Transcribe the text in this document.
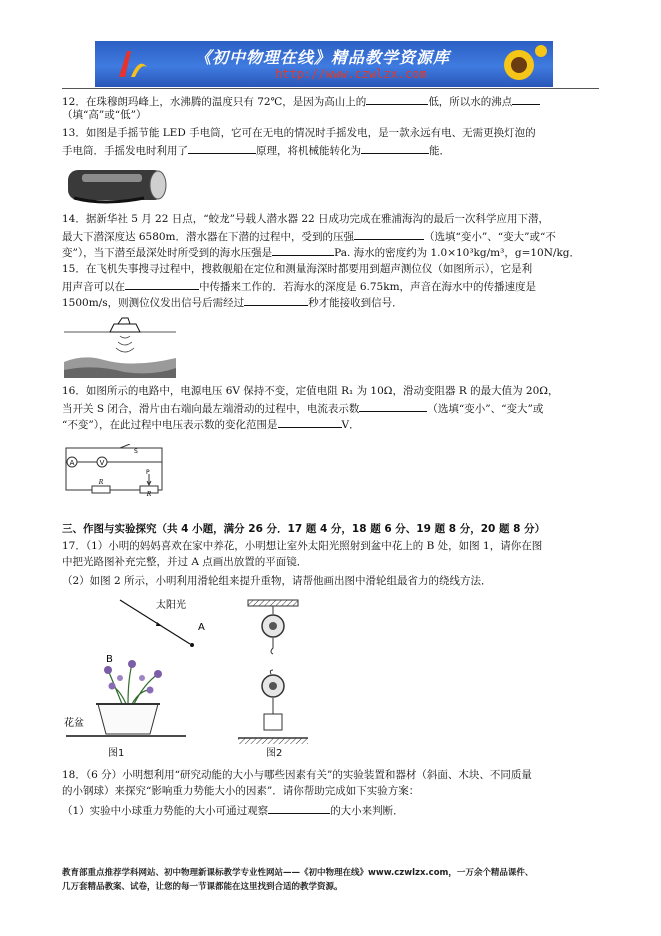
《初中物理在线》精品教学资源库
http://www.czwlzx.com
12．在珠穆朗玛峰上，水沸腾的温度只有 72℃，是因为高山上的	低，所以水的沸点
（填“高”或“低”）
13．如图是手摇节能 LED 手电筒，它可在无电的情况时手摇发电，是一款永远有电、无需更换灯泡的
手电筒．手摇发电时利用了	原理，将机械能转化为	能．
14．据新华社 5 月 22 日点，“蛟龙”号载人潜水器 22 日成功完成在雅浦海沟的最后一次科学应用下潜，
最大下潜深度达 6580m．潜水器在下潜的过程中，受到的压强	（选填“变小”、“变大”或“不
变”），当下潜至最深处时所受到的海水压强是	Pa. 海水的密度约为 1.0×10³kg/m³，g=10N/kg．
15．在飞机失事搜寻过程中，搜救舰船在定位和测量海深时都要用到超声测位仪（如图所示），它是利
用声音可以在	中传播来工作的．若海水的深度是 6.75km，声音在海水中的传播速度是
1500m/s，则测位仪发出信号后需经过	秒才能接收到信号．
16．如图所示的电路中，电源电压 6V 保持不变，定值电阻 R₁ 为 10Ω，滑动变阻器 R 的最大值为 20Ω，
当开关 S 闭合，滑片由右端向最左端滑动的过程中，电流表示数	（选填“变小”、“变大”或
“不变”），在此过程中电压表示数的变化范围是	V．
A	V
S
R
R
P
三、作图与实验探究（共 4 小题，满分 26 分．17 题 4 分，18 题 6 分、19 题 8 分，20 题 8 分）
17．（1）小明的妈妈喜欢在家中养花，小明想让室外太阳光照射到盆中花上的 B 处，如图 1，请你在图
中把光路图补充完整，并过 A 点画出放置的平面镜．
（2）如图 2 所示，小明利用滑轮组来提升重物，请帮他画出图中滑轮组最省力的绕线方法．
太阳光
A
B
花盆
图1	图2
18．（6 分）小明想利用“研究动能的大小与哪些因素有关”的实验装置和器材（斜面、木块、不同质量
的小钢球）来探究“影响重力势能大小的因素”．请你帮助完成如下实验方案：
（1）实验中小球重力势能的大小可通过观察	的大小来判断．
教育部重点推荐学科网站、初中物理新课标教学专业性网站——《初中物理在线》www.czwlzx.com，一万余个精品课件、
几万套精品教案、试卷，让您的每一节课都能在这里找到合适的教学资源。
